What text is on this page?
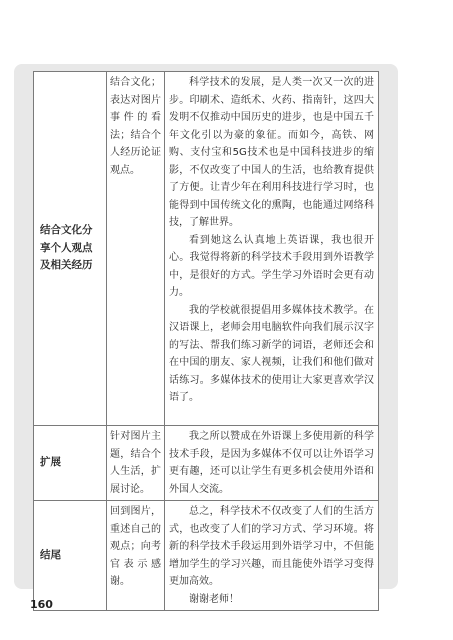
结合文化分享个人观点及相关经历	结合文化；表达对图片事件的看法；结合个人经历论证观点。	科学技术的发展，是人类一次又一次的进步。印刷术、造纸术、火药、指南针，这四大发明不仅推动中国历史的进步，也是中国五千年文化引以为豪的象征。而如今，高铁、网购、支付宝和5G技术也是中国科技进步的缩影，不仅改变了中国人的生活，也给教育提供了方便。让青少年在利用科技进行学习时，也能得到中国传统文化的熏陶，也能通过网络科技，了解世界。

看到她这么认真地上英语课，我也很开心。我觉得将新的科学技术手段用到外语教学中，是很好的方式。学生学习外语时会更有动力。

我的学校就很提倡用多媒体技术教学。在汉语课上，老师会用电脑软件向我们展示汉字的写法、帮我们练习新学的词语，老师还会和在中国的朋友、家人视频，让我们和他们做对话练习。多媒体技术的使用让大家更喜欢学汉语了。

扩展	针对图片主题，结合个人生活，扩展讨论。	我之所以赞成在外语课上多使用新的科学技术手段，是因为多媒体不仅可以让外语学习更有趣，还可以让学生有更多机会使用外语和外国人交流。

结尾	回到图片，重述自己的观点；向考官表示感谢。	总之，科学技术不仅改变了人们的生活方式，也改变了人们的学习方式、学习环境。将新的科学技术手段运用到外语学习中，不但能增加学生的学习兴趣，而且能使外语学习变得更加高效。

谢谢老师！

160
